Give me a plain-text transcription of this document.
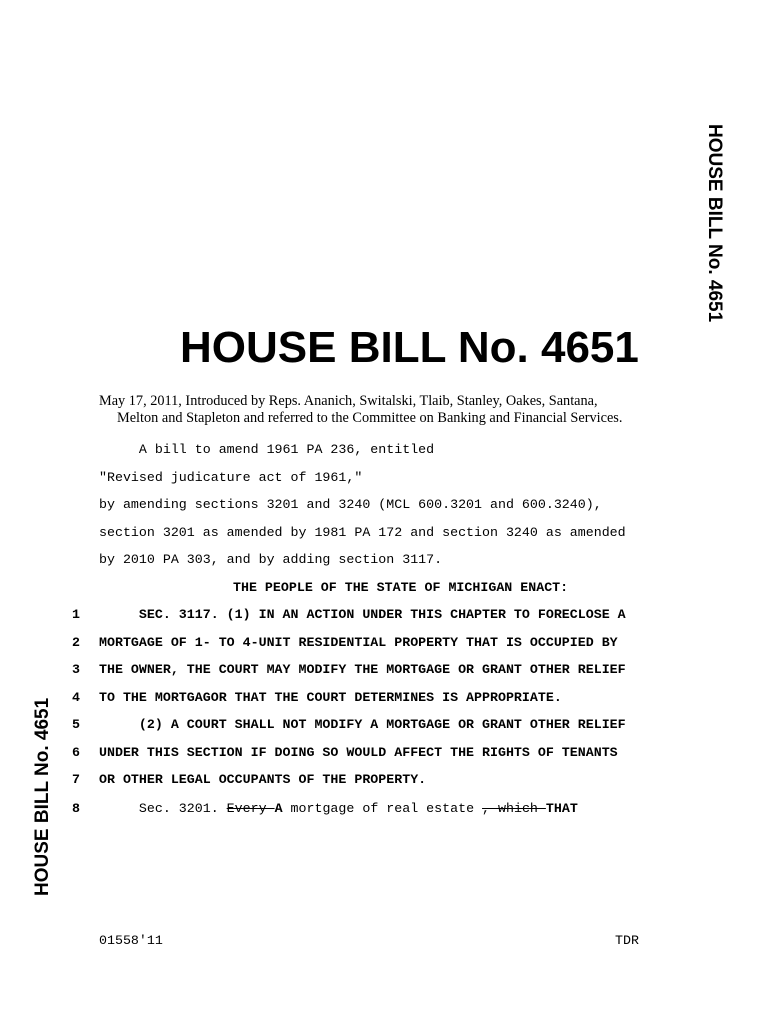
HOUSE BILL No. 4651
HOUSE BILL No. 4651
HOUSE BILL No. 4651
May 17, 2011, Introduced by Reps. Ananich, Switalski, Tlaib, Stanley, Oakes, Santana,
Melton and Stapleton and referred to the Committee on Banking and Financial Services.
A bill to amend 1961 PA 236, entitled
"Revised judicature act of 1961,"
by amending sections 3201 and 3240 (MCL 600.3201 and 600.3240),
section 3201 as amended by 1981 PA 172 and section 3240 as amended
by 2010 PA 303, and by adding section 3117.
THE PEOPLE OF THE STATE OF MICHIGAN ENACT:
1 SEC. 3117. (1) IN AN ACTION UNDER THIS CHAPTER TO FORECLOSE A
2 MORTGAGE OF 1- TO 4-UNIT RESIDENTIAL PROPERTY THAT IS OCCUPIED BY
3 THE OWNER, THE COURT MAY MODIFY THE MORTGAGE OR GRANT OTHER RELIEF
4 TO THE MORTGAGOR THAT THE COURT DETERMINES IS APPROPRIATE.
5 (2) A COURT SHALL NOT MODIFY A MORTGAGE OR GRANT OTHER RELIEF
6 UNDER THIS SECTION IF DOING SO WOULD AFFECT THE RIGHTS OF TENANTS
7 OR OTHER LEGAL OCCUPANTS OF THE PROPERTY.
8 Sec. 3201. Every A mortgage of real estate , which THAT
01558'11	TDR
